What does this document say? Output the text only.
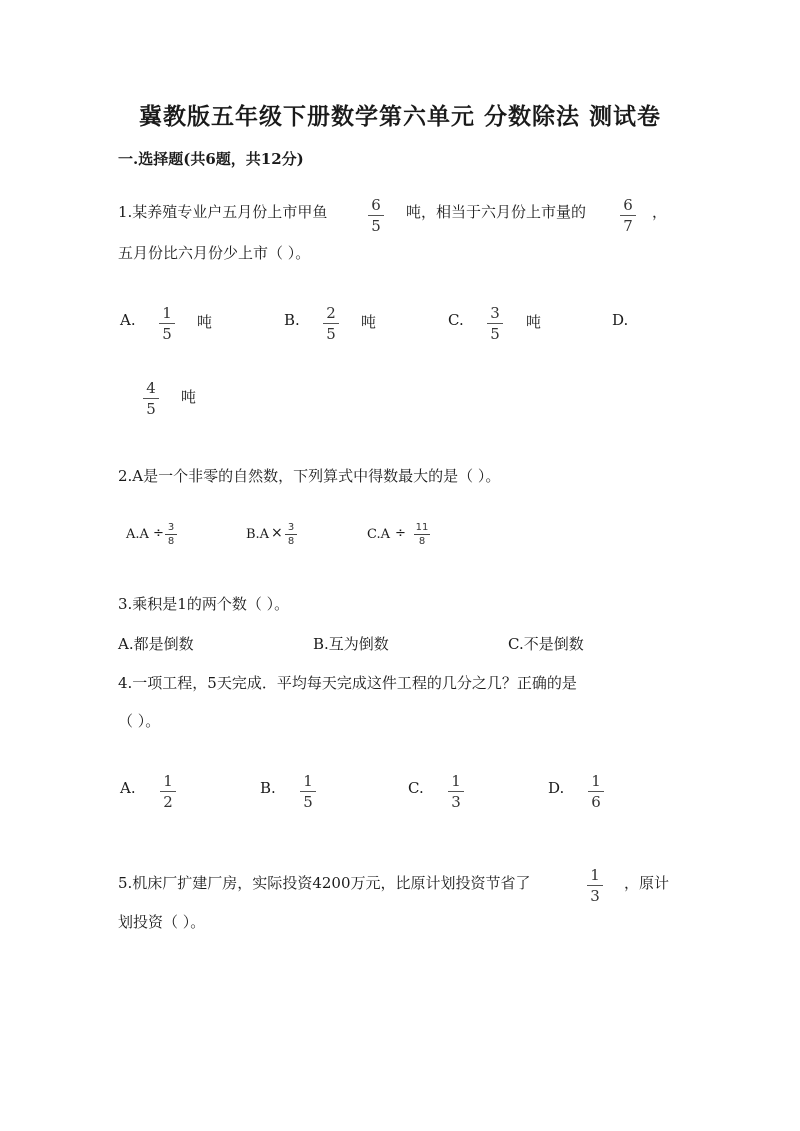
冀教版五年级下册数学第六单元 分数除法 测试卷
一.选择题(共6题，共12分)
1.某养殖专业户五月份上市甲鱼	6
5
吨，相当于六月份上市量的 6
7
，
五月份比六月份少上市（ ）。
A. 1
5
吨	B. 2
5
吨	C. 3
5
吨	D.
4
5
吨
2.A是一个非零的自然数，下列算式中得数最大的是（ ）。
A.A ÷ 3
8	B.A × 3
8	C.A ÷ 11
8
3.乘积是1的两个数（ ）。
A.都是倒数	B.互为倒数	C.不是倒数
4.一项工程，5天完成．平均每天完成这件工程的几分之几？正确的是
（ ）。
A. 1
2
B. 1
5
C. 1
3
D. 1
6
5.机床厂扩建厂房，实际投资4200万元，比原计划投资节省了	1
3
，原计
划投资（ ）。
